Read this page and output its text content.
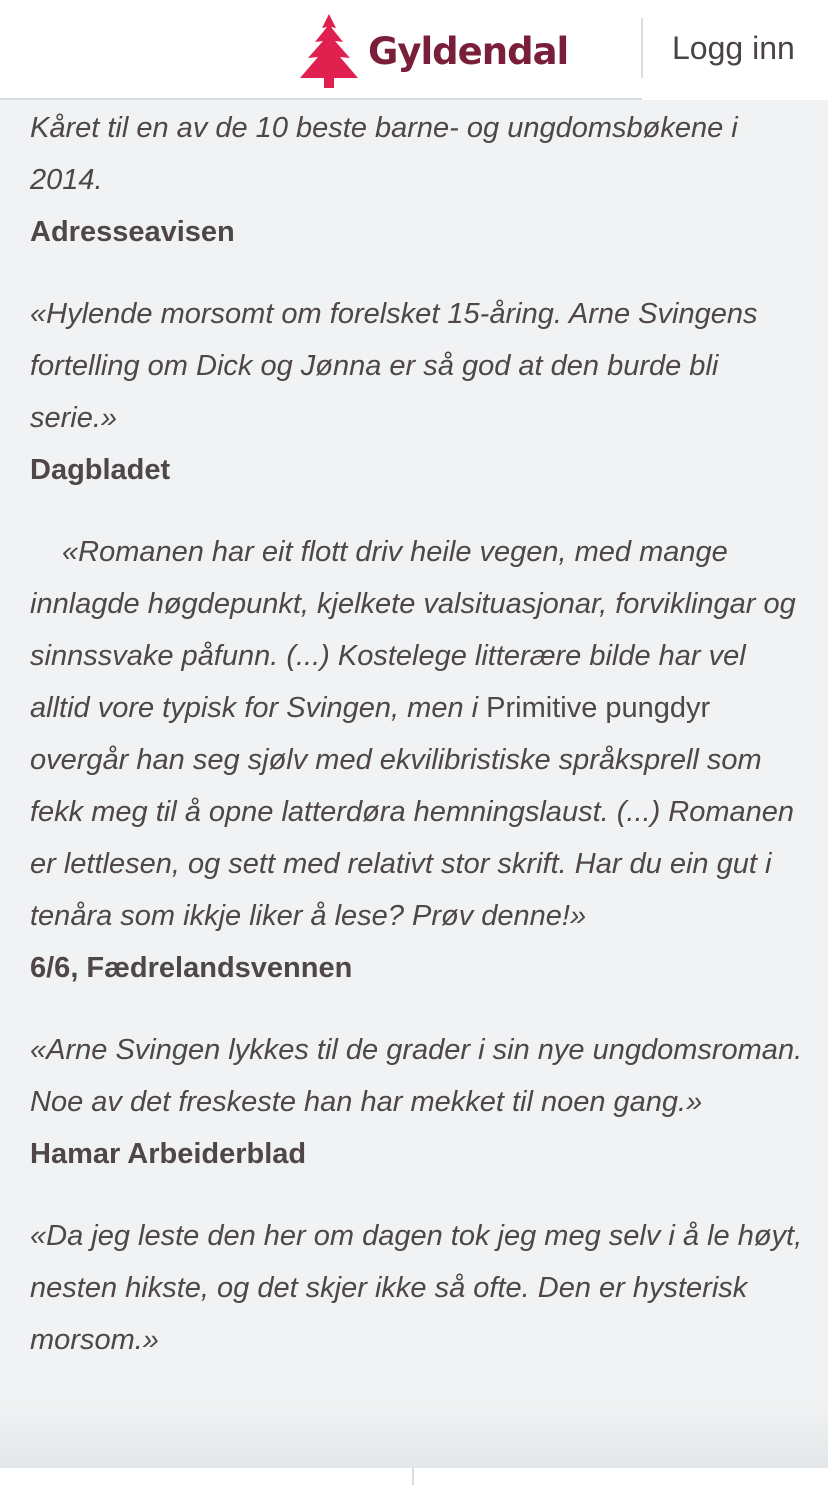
Gyldendal	Logg inn

Kåret til en av de 10 beste barne- og ungdomsbøkene i 2014.

Adresseavisen

«Hylende morsomt om forelsket 15-åring. Arne Svingens fortelling om Dick og Jønna er så god at den burde bli serie.»

Dagbladet

«Romanen har eit flott driv heile vegen, med mange innlagde høgdepunkt, kjelkete valsituasjonar, forviklingar og sinnssvake påfunn. (...) Kostelege litterære bilde har vel alltid vore typisk for Svingen, men i Primitive pungdyr overgår han seg sjølv med ekvilibristiske språksprell som fekk meg til å opne latterdøra hemningslaust. (...) Romanen er lettlesen, og sett med relativt stor skrift. Har du ein gut i tenåra som ikkje liker å lese? Prøv denne!»

6/6, Fædrelandsvennen

«Arne Svingen lykkes til de grader i sin nye ungdomsroman. Noe av det freskeste han har mekket til noen gang.»

Hamar Arbeiderblad

«Da jeg leste den her om dagen tok jeg meg selv i å le høyt, nesten hikste, og det skjer ikke så ofte. Den er hysterisk morsom.»
